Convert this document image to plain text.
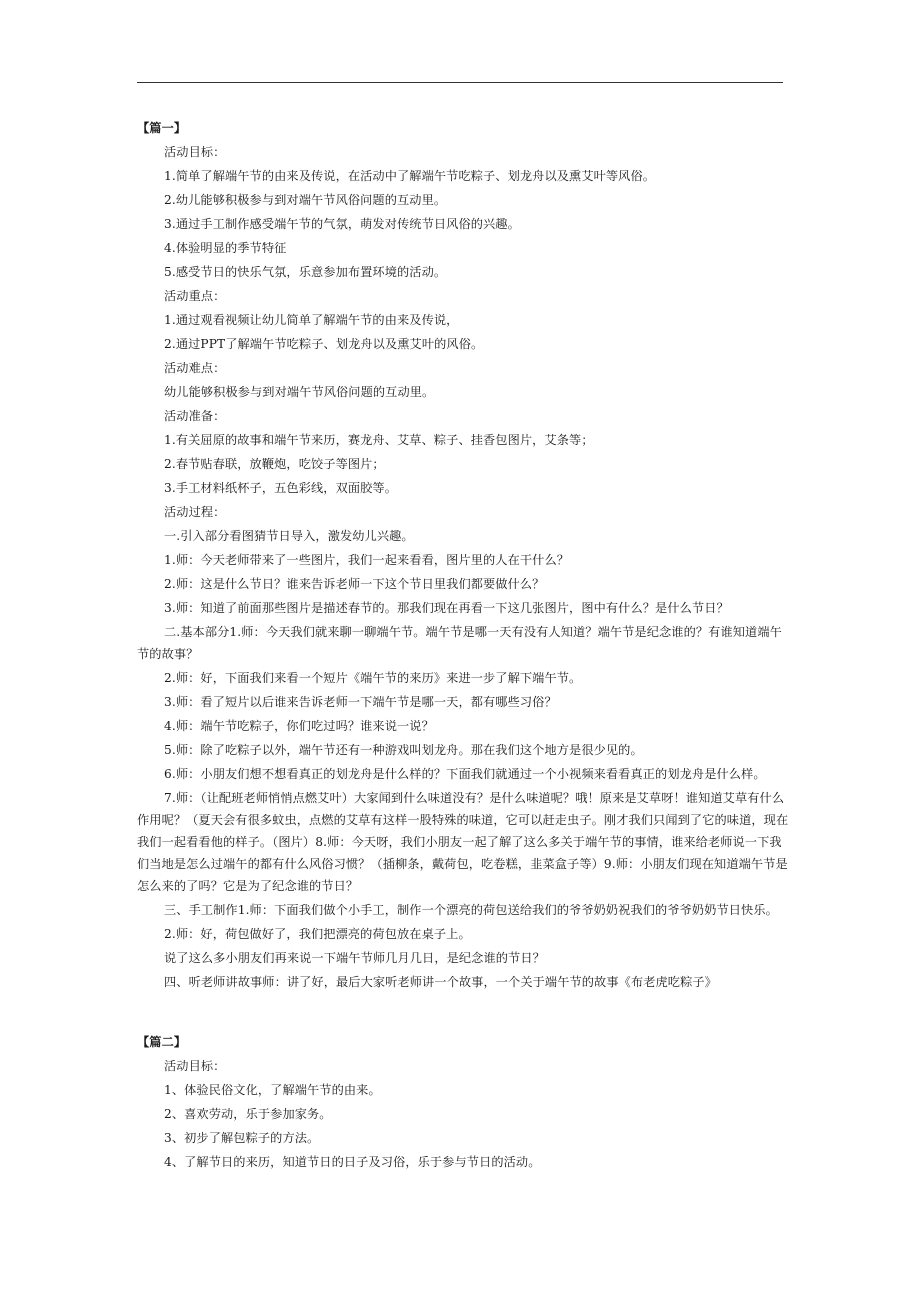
【篇一】

活动目标：

1.简单了解端午节的由来及传说，在活动中了解端午节吃粽子、划龙舟以及熏艾叶等风俗。

2.幼儿能够积极参与到对端午节风俗问题的互动里。

3.通过手工制作感受端午节的气氛，萌发对传统节日风俗的兴趣。

4.体验明显的季节特征

5.感受节日的快乐气氛，乐意参加布置环境的活动。

活动重点：

1.通过观看视频让幼儿简单了解端午节的由来及传说，

2.通过PPT了解端午节吃粽子、划龙舟以及熏艾叶的风俗。

活动难点：

幼儿能够积极参与到对端午节风俗问题的互动里。

活动准备：

1.有关屈原的故事和端午节来历，赛龙舟、艾草、粽子、挂香包图片，艾条等；

2.春节贴春联，放鞭炮，吃饺子等图片；

3.手工材料纸杯子，五色彩线，双面胶等。

活动过程：

一.引入部分看图猜节日导入，激发幼儿兴趣。

1.师：今天老师带来了一些图片，我们一起来看看，图片里的人在干什么？

2.师：这是什么节日？谁来告诉老师一下这个节日里我们都要做什么？

3.师：知道了前面那些图片是描述春节的。那我们现在再看一下这几张图片，图中有什么？是什么节日？

二.基本部分1.师：今天我们就来聊一聊端午节。端午节是哪一天有没有人知道？端午节是纪念谁的？有谁知道端午节的故事？

2.师：好，下面我们来看一个短片《端午节的来历》来进一步了解下端午节。

3.师：看了短片以后谁来告诉老师一下端午节是哪一天，都有哪些习俗？

4.师：端午节吃粽子，你们吃过吗？谁来说一说？

5.师：除了吃粽子以外，端午节还有一种游戏叫划龙舟。那在我们这个地方是很少见的。

6.师：小朋友们想不想看真正的划龙舟是什么样的？下面我们就通过一个小视频来看看真正的划龙舟是什么样。

7.师：（让配班老师悄悄点燃艾叶）大家闻到什么味道没有？是什么味道呢？哦！原来是艾草呀！谁知道艾草有什么作用呢？（夏天会有很多蚊虫，点燃的艾草有这样一股特殊的味道，它可以赶走虫子。刚才我们只闻到了它的味道，现在我们一起看看他的样子。（图片）8.师：今天呀，我们小朋友一起了解了这么多关于端午节的事情，谁来给老师说一下我们当地是怎么过端午的都有什么风俗习惯？（插柳条，戴荷包，吃卷糕，韭菜盒子等）9.师：小朋友们现在知道端午节是怎么来的了吗？它是为了纪念谁的节日？

三、手工制作1.师：下面我们做个小手工，制作一个漂亮的荷包送给我们的爷爷奶奶祝我们的爷爷奶奶节日快乐。

2.师：好，荷包做好了，我们把漂亮的荷包放在桌子上。

说了这么多小朋友们再来说一下端午节师几月几日，是纪念谁的节日？

四、听老师讲故事师：讲了好，最后大家听老师讲一个故事，一个关于端午节的故事《布老虎吃粽子》

【篇二】

活动目标：

1、体验民俗文化，了解端午节的由来。

2、喜欢劳动，乐于参加家务。

3、初步了解包粽子的方法。

4、了解节日的来历，知道节日的日子及习俗，乐于参与节日的活动。
